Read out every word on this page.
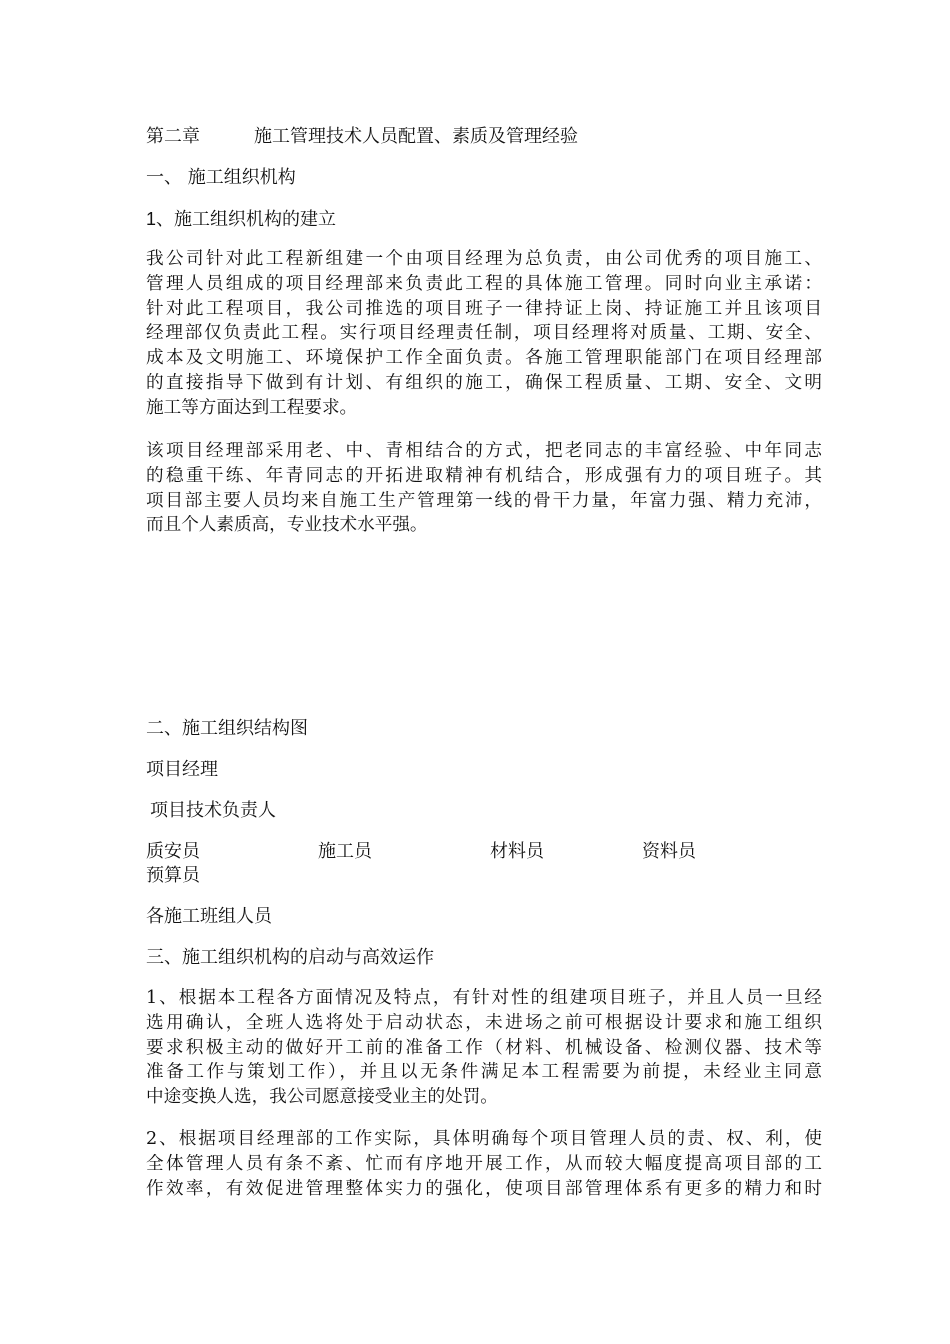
第二章	施工管理技术人员配置、素质及管理经验
一、 施工组织机构
1、施工组织机构的建立
我公司针对此工程新组建一个由项目经理为总负责，由公司优秀的项目施工、
管理人员组成的项目经理部来负责此工程的具体施工管理。同时向业主承诺：
针对此工程项目，我公司推选的项目班子一律持证上岗、持证施工并且该项目
经理部仅负责此工程。实行项目经理责任制，项目经理将对质量、工期、安全、
成本及文明施工、环境保护工作全面负责。各施工管理职能部门在项目经理部
的直接指导下做到有计划、有组织的施工，确保工程质量、工期、安全、文明
施工等方面达到工程要求。
该项目经理部采用老、中、青相结合的方式，把老同志的丰富经验、中年同志
的稳重干练、年青同志的开拓进取精神有机结合，形成强有力的项目班子。其
项目部主要人员均来自施工生产管理第一线的骨干力量，年富力强、精力充沛，
而且个人素质高，专业技术水平强。
二、施工组织结构图
项目经理
项目技术负责人
质安员	施工员	材料员	资料员
预算员
各施工班组人员
三、施工组织机构的启动与高效运作
1、根据本工程各方面情况及特点，有针对性的组建项目班子，并且人员一旦经
选用确认，全班人选将处于启动状态，未进场之前可根据设计要求和施工组织
要求积极主动的做好开工前的准备工作（材料、机械设备、检测仪器、技术等
准备工作与策划工作），并且以无条件满足本工程需要为前提，未经业主同意
中途变换人选，我公司愿意接受业主的处罚。
2、根据项目经理部的工作实际，具体明确每个项目管理人员的责、权、利，使
全体管理人员有条不紊、忙而有序地开展工作，从而较大幅度提高项目部的工
作效率，有效促进管理整体实力的强化，使项目部管理体系有更多的精力和时
